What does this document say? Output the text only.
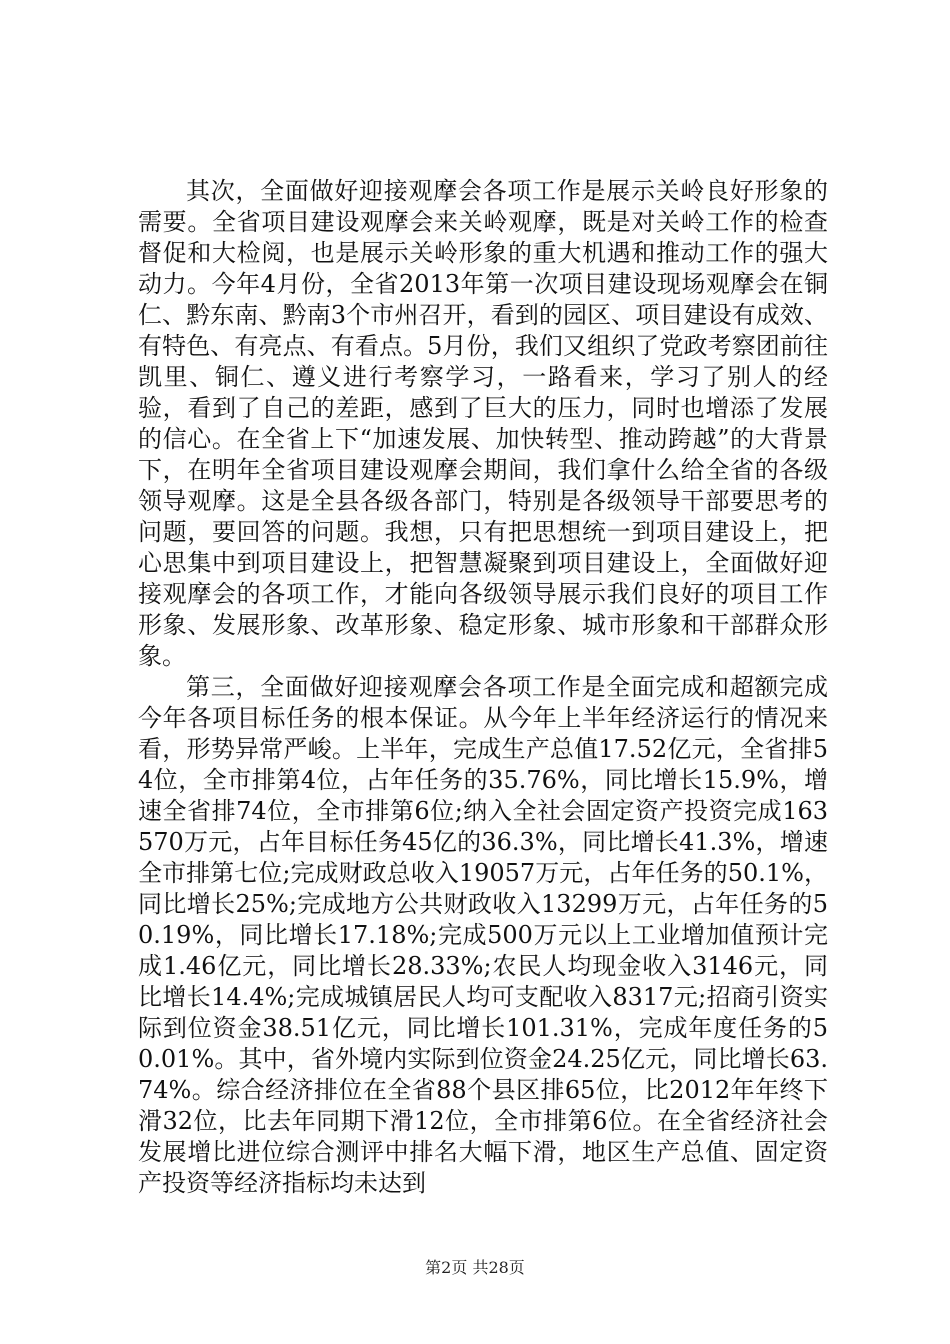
其次，全面做好迎接观摩会各项工作是展示关岭良好形象的需要。全省项目建设观摩会来关岭观摩，既是对关岭工作的检查督促和大检阅，也是展示关岭形象的重大机遇和推动工作的强大动力。今年4月份，全省2013年第一次项目建设现场观摩会在铜仁、黔东南、黔南3个市州召开，看到的园区、项目建设有成效、有特色、有亮点、有看点。5月份，我们又组织了党政考察团前往凯里、铜仁、遵义进行考察学习，一路看来，学习了别人的经验，看到了自己的差距，感到了巨大的压力，同时也增添了发展的信心。在全省上下“加速发展、加快转型、推动跨越”的大背景下，在明年全省项目建设观摩会期间，我们拿什么给全省的各级领导观摩。这是全县各级各部门，特别是各级领导干部要思考的问题，要回答的问题。我想，只有把思想统一到项目建设上，把心思集中到项目建设上，把智慧凝聚到项目建设上，全面做好迎接观摩会的各项工作，才能向各级领导展示我们良好的项目工作形象、发展形象、改革形象、稳定形象、城市形象和干部群众形象。

第三，全面做好迎接观摩会各项工作是全面完成和超额完成今年各项目标任务的根本保证。从今年上半年经济运行的情况来看，形势异常严峻。上半年，完成生产总值17.52亿元，全省排54位，全市排第4位，占年任务的35.76%，同比增长15.9%，增速全省排74位，全市排第6位;纳入全社会固定资产投资完成163570万元，占年目标任务45亿的36.3%，同比增长41.3%，增速全市排第七位;完成财政总收入19057万元，占年任务的50.1%，同比增长25%;完成地方公共财政收入13299万元，占年任务的50.19%，同比增长17.18%;完成500万元以上工业增加值预计完成1.46亿元，同比增长28.33%;农民人均现金收入3146元，同比增长14.4%;完成城镇居民人均可支配收入8317元;招商引资实际到位资金38.51亿元，同比增长101.31%，完成年度任务的50.01%。其中，省外境内实际到位资金24.25亿元，同比增长63.74%。综合经济排位在全省88个县区排65位，比2012年年终下滑32位，比去年同期下滑12位，全市排第6位。在全省经济社会发展增比进位综合测评中排名大幅下滑，地区生产总值、固定资产投资等经济指标均未达到

第2页 共28页
